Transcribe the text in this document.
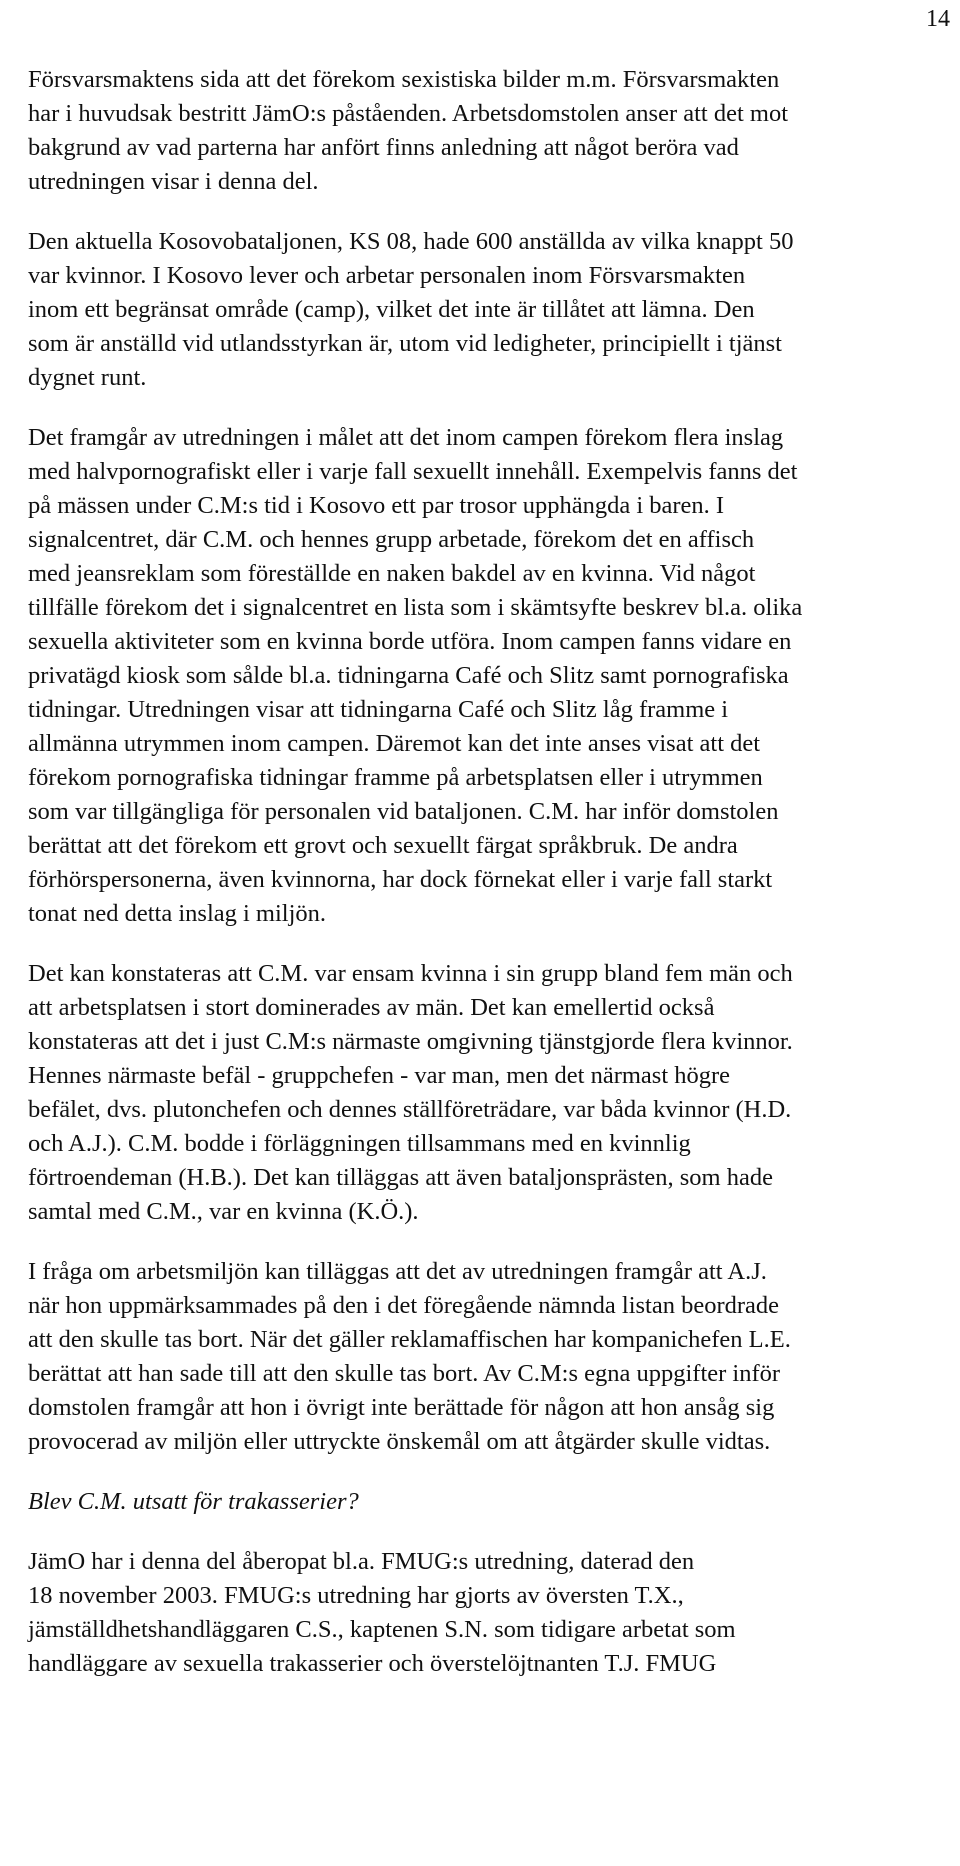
14
Försvarsmaktens sida att det förekom sexistiska bilder m.m. Försvarsmakten
har i huvudsak bestritt JämO:s påståenden. Arbetsdomstolen anser att det mot
bakgrund av vad parterna har anfört finns anledning att något beröra vad
utredningen visar i denna del.
Den aktuella Kosovobataljonen, KS 08, hade 600 anställda av vilka knappt 50
var kvinnor. I Kosovo lever och arbetar personalen inom Försvarsmakten
inom ett begränsat område (camp), vilket det inte är tillåtet att lämna. Den
som är anställd vid utlandsstyrkan är, utom vid ledigheter, principiellt i tjänst
dygnet runt.
Det framgår av utredningen i målet att det inom campen förekom flera inslag
med halvpornografiskt eller i varje fall sexuellt innehåll. Exempelvis fanns det
på mässen under C.M:s tid i Kosovo ett par trosor upphängda i baren. I
signalcentret, där C.M. och hennes grupp arbetade, förekom det en affisch
med jeansreklam som föreställde en naken bakdel av en kvinna. Vid något
tillfälle förekom det i signalcentret en lista som i skämtsyfte beskrev bl.a. olika
sexuella aktiviteter som en kvinna borde utföra. Inom campen fanns vidare en
privatägd kiosk som sålde bl.a. tidningarna Café och Slitz samt pornografiska
tidningar. Utredningen visar att tidningarna Café och Slitz låg framme i
allmänna utrymmen inom campen. Däremot kan det inte anses visat att det
förekom pornografiska tidningar framme på arbetsplatsen eller i utrymmen
som var tillgängliga för personalen vid bataljonen. C.M. har inför domstolen
berättat att det förekom ett grovt och sexuellt färgat språkbruk. De andra
förhörspersonerna, även kvinnorna, har dock förnekat eller i varje fall starkt
tonat ned detta inslag i miljön.
Det kan konstateras att C.M. var ensam kvinna i sin grupp bland fem män och
att arbetsplatsen i stort dominerades av män. Det kan emellertid också
konstateras att det i just C.M:s närmaste omgivning tjänstgjorde flera kvinnor.
Hennes närmaste befäl - gruppchefen - var man, men det närmast högre
befälet, dvs. plutonchefen och dennes ställföreträdare, var båda kvinnor (H.D.
och A.J.). C.M. bodde i förläggningen tillsammans med en kvinnlig
förtroendeman (H.B.). Det kan tilläggas att även bataljonsprästen, som hade
samtal med C.M., var en kvinna (K.Ö.).
I fråga om arbetsmiljön kan tilläggas att det av utredningen framgår att A.J.
när hon uppmärksammades på den i det föregående nämnda listan beordrade
att den skulle tas bort. När det gäller reklamaffischen har kompanichefen L.E.
berättat att han sade till att den skulle tas bort. Av C.M:s egna uppgifter inför
domstolen framgår att hon i övrigt inte berättade för någon att hon ansåg sig
provocerad av miljön eller uttryckte önskemål om att åtgärder skulle vidtas.
Blev C.M. utsatt för trakasserier?
JämO har i denna del åberopat bl.a. FMUG:s utredning, daterad den
18 november 2003. FMUG:s utredning har gjorts av översten T.X.,
jämställdhetshandläggaren C.S., kaptenen S.N. som tidigare arbetat som
handläggare av sexuella trakasserier och överstelöjtnanten T.J. FMUG
